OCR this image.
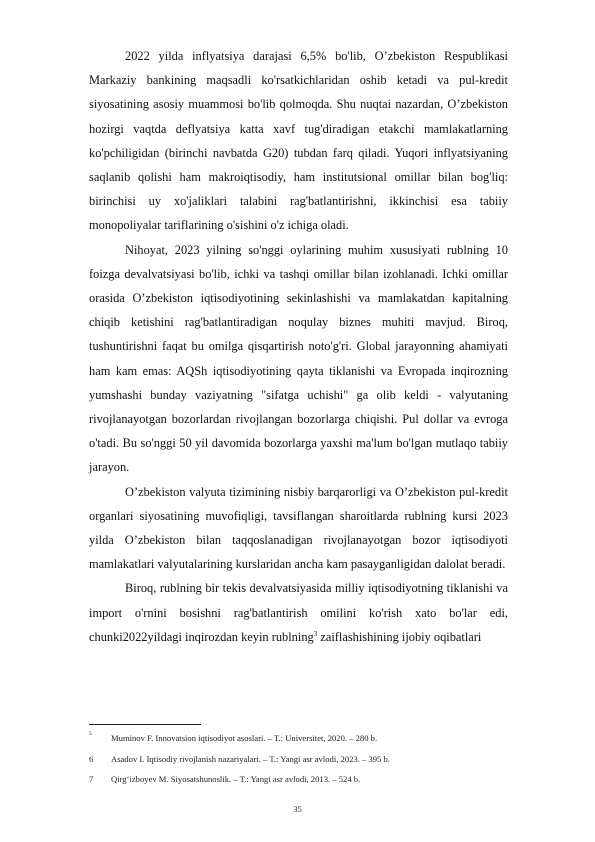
2022 yilda inflyatsiya darajasi 6,5% bo'lib, O’zbekiston Respublikasi Markaziy bankining maqsadli ko'rsatkichlaridan oshib ketadi va pul-kredit siyosatining asosiy muammosi bo'lib qolmoqda. Shu nuqtai nazardan, O’zbekiston hozirgi vaqtda deflyatsiya katta xavf tug'diradigan etakchi mamlakatlarning ko'pchiligidan (birinchi navbatda G20) tubdan farq qiladi. Yuqori inflyatsiyaning saqlanib qolishi ham makroiqtisodiy, ham institutsional omillar bilan bog'liq: birinchisi uy xo'jaliklari talabini rag'batlantirishni, ikkinchisi esa tabiiy monopoliyalar tariflarining o'sishini o'z ichiga oladi.

Nihoyat, 2023 yilning so'nggi oylarining muhim xususiyati rublning 10 foizga devalvatsiyasi bo'lib, ichki va tashqi omillar bilan izohlanadi. Ichki omillar orasida O’zbekiston iqtisodiyotining sekinlashishi va mamlakatdan kapitalning chiqib ketishini rag'batlantiradigan noqulay biznes muhiti mavjud. Biroq, tushuntirishni faqat bu omilga qisqartirish noto'g'ri. Global jarayonning ahamiyati ham kam emas: AQSh iqtisodiyotining qayta tiklanishi va Evropada inqirozning yumshashi bunday vaziyatning "sifatga uchishi" ga olib keldi - valyutaning rivojlanayotgan bozorlardan rivojlangan bozorlarga chiqishi. Pul dollar va evroga o'tadi. Bu so'nggi 50 yil davomida bozorlarga yaxshi ma'lum bo'lgan mutlaqo tabiiy jarayon.

O’zbekiston valyuta tizimining nisbiy barqarorligi va O’zbekiston pul-kredit organlari siyosatining muvofiqligi, tavsiflangan sharoitlarda rublning kursi 2023 yilda O’zbekiston bilan taqqoslanadigan rivojlanayotgan bozor iqtisodiyoti mamlakatlari valyutalarining kurslaridan ancha kam pasayganligidan dalolat beradi.

Biroq, rublning bir tekis devalvatsiyasida milliy iqtisodiyotning tiklanishi va import o'rnini bosishni rag'batlantirish omilini ko'rish xato bo'lar edi, chunki2022yildagi inqirozdan keyin rublning$^3$ zaiflashishining ijobiy oqibatlari

5 Muminov F. Innovatsion iqtisodiyot asoslari. – T.: Universitet, 2020. – 280 b.
6 Asadov I. Iqtisodiy rivojlanish nazariyalari. – T.: Yangi asr avlodi, 2023. – 395 b.
7 Qirg‘izboyev M. Siyosatshunoslik. – T.: Yangi asr avlodi, 2013. – 524 b.
35
